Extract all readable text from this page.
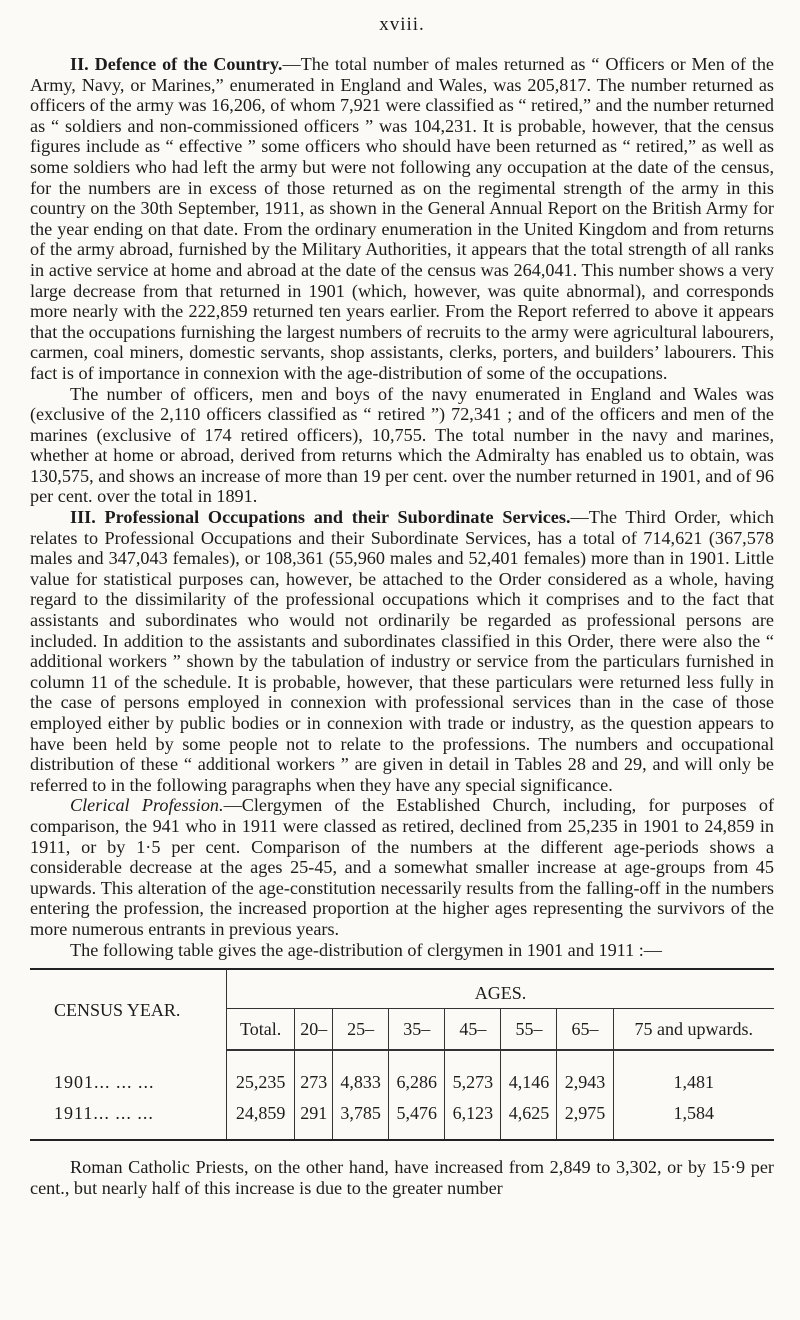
xviii.

II. Defence of the Country.—The total number of males returned as “ Officers or Men of the Army, Navy, or Marines,” enumerated in England and Wales, was 205,817. The number returned as officers of the army was 16,206, of whom 7,921 were classified as “ retired,” and the number returned as “ soldiers and non-commissioned officers ” was 104,231. It is probable, however, that the census figures include as “ effective ” some officers who should have been returned as “ retired,” as well as some soldiers who had left the army but were not following any occupation at the date of the census, for the numbers are in excess of those returned as on the regimental strength of the army in this country on the 30th September, 1911, as shown in the General Annual Report on the British Army for the year ending on that date. From the ordinary enumeration in the United Kingdom and from returns of the army abroad, furnished by the Military Authorities, it appears that the total strength of all ranks in active service at home and abroad at the date of the census was 264,041. This number shows a very large decrease from that returned in 1901 (which, however, was quite abnormal), and corresponds more nearly with the 222,859 returned ten years earlier. From the Report referred to above it appears that the occupations furnishing the largest numbers of recruits to the army were agricultural labourers, carmen, coal miners, domestic servants, shop assistants, clerks, porters, and builders’ labourers. This fact is of importance in connexion with the age-distribution of some of the occupations.

The number of officers, men and boys of the navy enumerated in England and Wales was (exclusive of the 2,110 officers classified as “ retired ”) 72,341 ; and of the officers and men of the marines (exclusive of 174 retired officers), 10,755. The total number in the navy and marines, whether at home or abroad, derived from returns which the Admiralty has enabled us to obtain, was 130,575, and shows an increase of more than 19 per cent. over the number returned in 1901, and of 96 per cent. over the total in 1891.

III. Professional Occupations and their Subordinate Services.—The Third Order, which relates to Professional Occupations and their Subordinate Services, has a total of 714,621 (367,578 males and 347,043 females), or 108,361 (55,960 males and 52,401 females) more than in 1901. Little value for statistical purposes can, however, be attached to the Order considered as a whole, having regard to the dissimilarity of the professional occupations which it comprises and to the fact that assistants and subordinates who would not ordinarily be regarded as professional persons are included. In addition to the assistants and subordinates classified in this Order, there were also the “ additional workers ” shown by the tabulation of industry or service from the particulars furnished in column 11 of the schedule. It is probable, however, that these particulars were returned less fully in the case of persons employed in connexion with professional services than in the case of those employed either by public bodies or in connexion with trade or industry, as the question appears to have been held by some people not to relate to the professions. The numbers and occupational distribution of these “ additional workers ” are given in detail in Tables 28 and 29, and will only be referred to in the following paragraphs when they have any special significance.

Clerical Profession.—Clergymen of the Established Church, including, for purposes of comparison, the 941 who in 1911 were classed as retired, declined from 25,235 in 1901 to 24,859 in 1911, or by 1·5 per cent. Comparison of the numbers at the different age-periods shows a considerable decrease at the ages 25-45, and a somewhat smaller increase at age-groups from 45 upwards. This alteration of the age-constitution necessarily results from the falling-off in the numbers entering the profession, the increased proportion at the higher ages representing the survivors of the more numerous entrants in previous years.

The following table gives the age-distribution of clergymen in 1901 and 1911 :—

CENSUS YEAR.	AGES.							
	Total.	20–	25–	35–	45–	55–	65–	75 and upwards.
1901... ... ...	25,235	273	4,833	6,286	5,273	4,146	2,943	1,481
1911... ... ...	24,859	291	3,785	5,476	6,123	4,625	2,975	1,584

Roman Catholic Priests, on the other hand, have increased from 2,849 to 3,302, or by 15·9 per cent., but nearly half of this increase is due to the greater number
